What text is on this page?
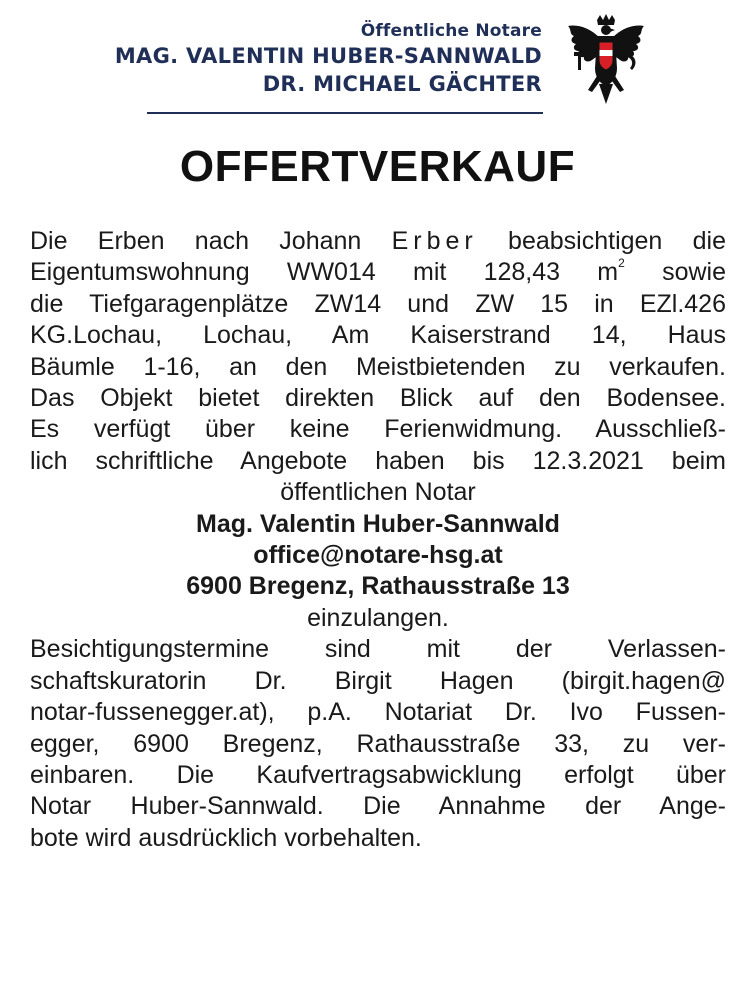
Öffentliche Notare
MAG. VALENTIN HUBER-SANNWALD
DR. MICHAEL GÄCHTER
OFFERTVERKAUF
Die Erben nach Johann Erber beabsichtigen die
Eigentumswohnung WW014 mit 128,43 $m^2$ sowie
die Tiefgaragenplätze ZW14 und ZW 15 in EZl.426
KG.Lochau, Lochau, Am Kaiserstrand 14, Haus
Bäumle 1-16, an den Meistbietenden zu verkaufen.
Das Objekt bietet direkten Blick auf den Bodensee.
Es verfügt über keine Ferienwidmung. Ausschließ-
lich schriftliche Angebote haben bis 12.3.2021 beim
öffentlichen Notar
Mag. Valentin Huber-Sannwald
office@notare-hsg.at
6900 Bregenz, Rathausstraße 13
einzulangen.
Besichtigungstermine sind mit der Verlassen-
schaftskuratorin Dr. Birgit Hagen (birgit.hagen@
notar-fussenegger.at), p.A. Notariat Dr. Ivo Fussen-
egger, 6900 Bregenz, Rathausstraße 33, zu ver-
einbaren. Die Kaufvertragsabwicklung erfolgt über
Notar Huber-Sannwald. Die Annahme der Ange-
bote wird ausdrücklich vorbehalten.
